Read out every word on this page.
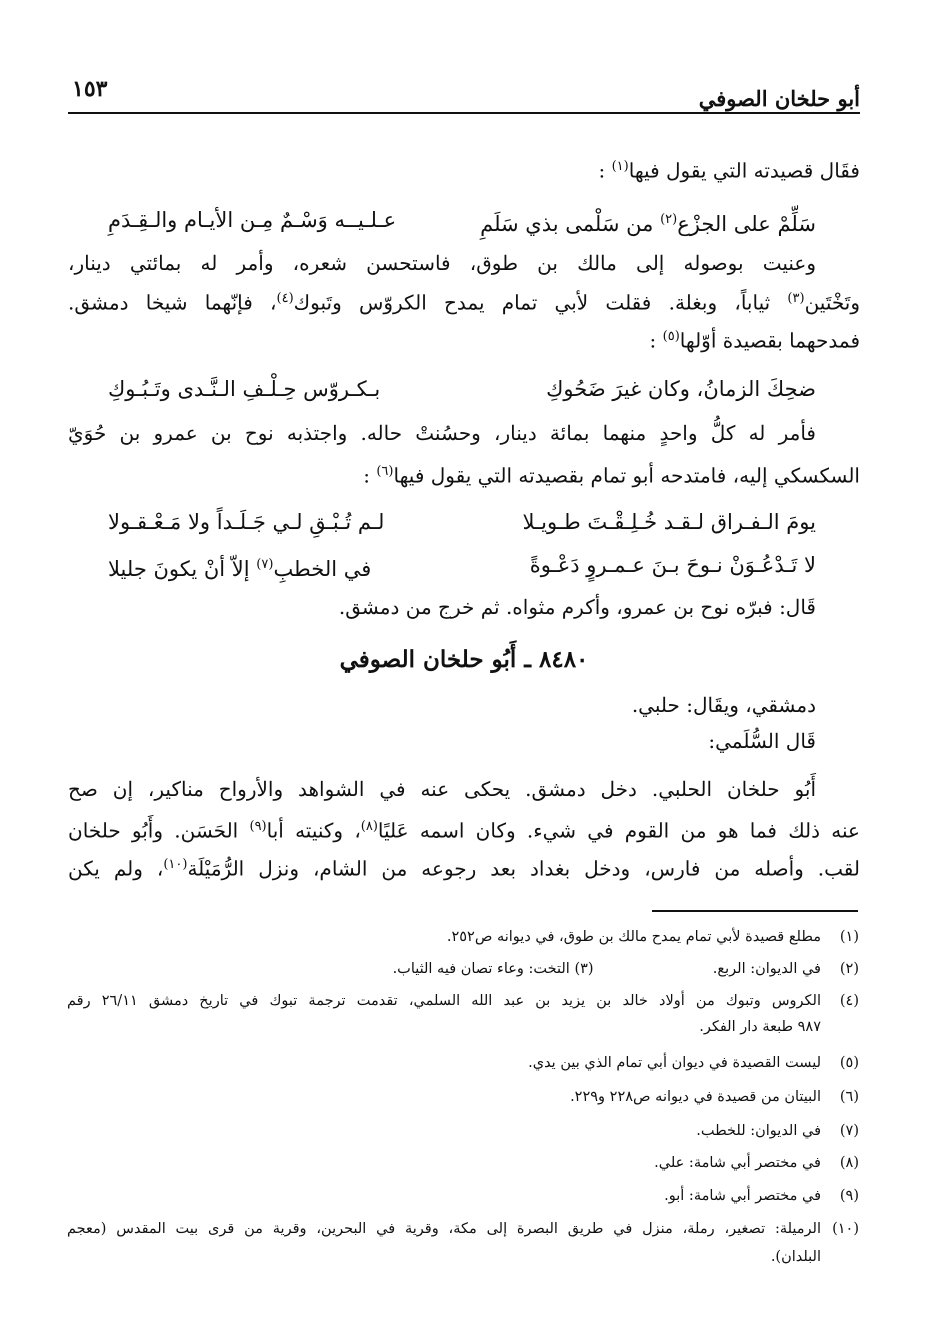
أبو حلخان الصوفي
١٥٣
فقَال قصيدته التي يقول فيها$^{(١)}$ :
سَلِّمْ على الجزْع$^{(٢)}$ من سَلْمى بذي سَلَمِ
عـلـيــه وَسْـمٌ مِـن الأيـام والـقِـدَمِ
وعنيت بوصوله إلى مالك بن طوق، فاستحسن شعره، وأمر له بمائتي دينار،
وتَخْتَين$^{(٣)}$ ثياباً، وبغلة. فقلت لأبي تمام يمدح الكروّس وتَبوك$^{(٤)}$، فإنّهما شيخا دمشق.
فمدحهما بقصيدة أوّلها$^{(٥)}$ :
ضحِكَ الزمانُ، وكان غيرَ ضَحُوكِ
بـكـروّس حِـلْـفِ الـنَّـدى وتَـبُـوكِ
فأمر له كلُّ واحدٍ منهما بمائة دينار، وحسُنتْ حاله. واجتذبه نوح بن عمرو بن حُوَيّ
السكسكي إليه، فامتدحه أبو تمام بقصيدته التي يقول فيها$^{(٦)}$ :
يومَ الـفـراق لـقـد خُـلِـقْـتَ طـويـلا
لـم تُـبْـقِ لـي جَـلَـداً ولا مَـعْـقـولا
لا تَـدْعُـوَنْ نـوحَ بـنَ عـمـروٍ دَعْـوةً
في الخطبِ$^{(٧)}$ إلاّ أنْ يكونَ جليلا
قَال: فبرّه نوح بن عمرو، وأكرم مثواه. ثم خرج من دمشق.
٨٤٨٠ ـ أَبُو حلخان الصوفي
دمشقي، ويقَال: حلبي.
قَال السُّلَمي:
أَبُو حلخان الحلبي. دخل دمشق. يحكى عنه في الشواهد والأرواح مناكير، إن صح
عنه ذلك فما هو من القوم في شيء. وكان اسمه عَليًا$^{(٨)}$، وكنيته أبا$^{(٩)}$ الحَسَن. وأَبُو حلخان
لقب. وأصله من فارس، ودخل بغداد بعد رجوعه من الشام، ونزل الرُّمَيْلَة$^{(١٠)}$، ولم يكن
(١)مطلع قصيدة لأبي تمام يمدح مالك بن طوق، في ديوانه ص٢٥٢.
(٢)في الديوان: الربع.  (٣) التخت: وعاء تصان فيه الثياب.
(٤)الكروس وتبوك من أولاد خالد بن يزيد بن عبد الله السلمي، تقدمت ترجمة تبوك في تاريخ دمشق ٢٦/١١ رقم
٩٨٧ طبعة دار الفكر.
(٥)ليست القصيدة في ديوان أبي تمام الذي بين يدي.
(٦)البيتان من قصيدة في ديوانه ص٢٢٨ و٢٢٩.
(٧)في الديوان: للخطب.
(٨)في مختصر أبي شامة: علي.
(٩)في مختصر أبي شامة: أبو.
(١٠)الرميلة: تصغير، رملة، منزل في طريق البصرة إلى مكة، وقرية في البحرين، وقرية من قرى بيت المقدس (معجم
البلدان).
